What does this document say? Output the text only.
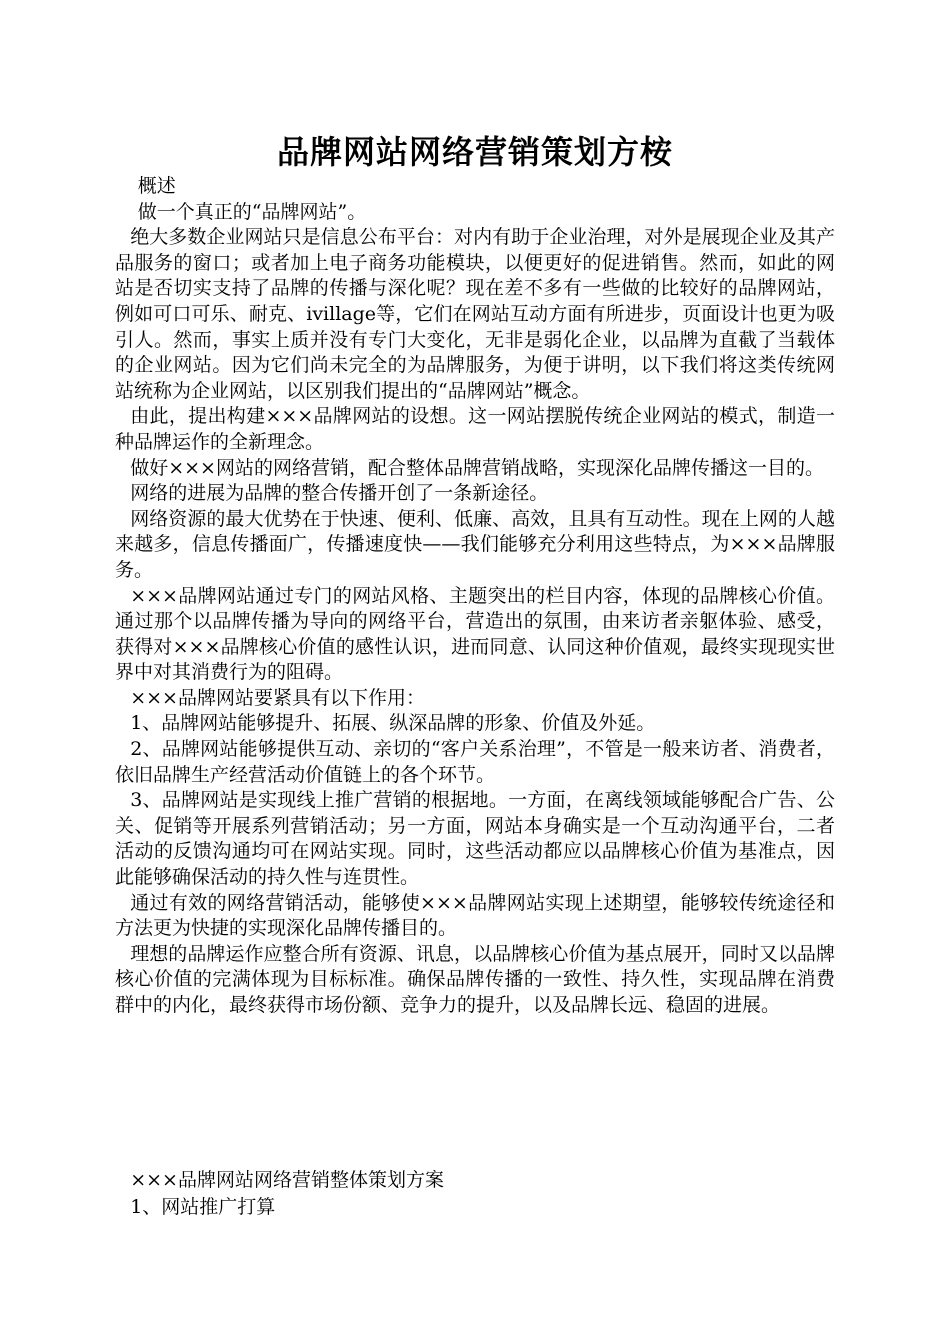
品牌网站网络营销策划方桉

概述

做一个真正的“品牌网站”。

绝大多数企业网站只是信息公布平台：对内有助于企业治理，对外是展现企业及其产品服务的窗口；或者加上电子商务功能模块，以便更好的促进销售。然而，如此的网站是否切实支持了品牌的传播与深化呢？现在差不多有一些做的比较好的品牌网站，例如可口可乐、耐克、ivillage等，它们在网站互动方面有所进步，页面设计也更为吸引人。然而，事实上质并没有专门大变化，无非是弱化企业，以品牌为直截了当载体的企业网站。因为它们尚未完全的为品牌服务，为便于讲明，以下我们将这类传统网站统称为企业网站，以区别我们提出的“品牌网站”概念。

由此，提出构建×××品牌网站的设想。这一网站摆脱传统企业网站的模式，制造一种品牌运作的全新理念。

做好×××网站的网络营销，配合整体品牌营销战略，实现深化品牌传播这一目的。

网络的进展为品牌的整合传播开创了一条新途径。

网络资源的最大优势在于快速、便利、低廉、高效，且具有互动性。现在上网的人越来越多，信息传播面广，传播速度快——我们能够充分利用这些特点，为×××品牌服务。

×××品牌网站通过专门的网站风格、主题突出的栏目内容，体现的品牌核心价值。通过那个以品牌传播为导向的网络平台，营造出的氛围，由来访者亲躯体验、感受，获得对×××品牌核心价值的感性认识，进而同意、认同这种价值观，最终实现现实世界中对其消费行为的阻碍。

×××品牌网站要紧具有以下作用：

1、品牌网站能够提升、拓展、纵深品牌的形象、价值及外延。

2、品牌网站能够提供互动、亲切的“客户关系治理”，不管是一般来访者、消费者，依旧品牌生产经营活动价值链上的各个环节。

3、品牌网站是实现线上推广营销的根据地。一方面，在离线领域能够配合广告、公关、促销等开展系列营销活动；另一方面，网站本身确实是一个互动沟通平台，二者活动的反馈沟通均可在网站实现。同时，这些活动都应以品牌核心价值为基准点，因此能够确保活动的持久性与连贯性。

通过有效的网络营销活动，能够使×××品牌网站实现上述期望，能够较传统途径和方法更为快捷的实现深化品牌传播目的。

理想的品牌运作应整合所有资源、讯息，以品牌核心价值为基点展开，同时又以品牌核心价值的完满体现为目标标准。确保品牌传播的一致性、持久性，实现品牌在消费群中的内化，最终获得市场份额、竞争力的提升，以及品牌长远、稳固的进展。

×××品牌网站网络营销整体策划方案

1、网站推广打算
